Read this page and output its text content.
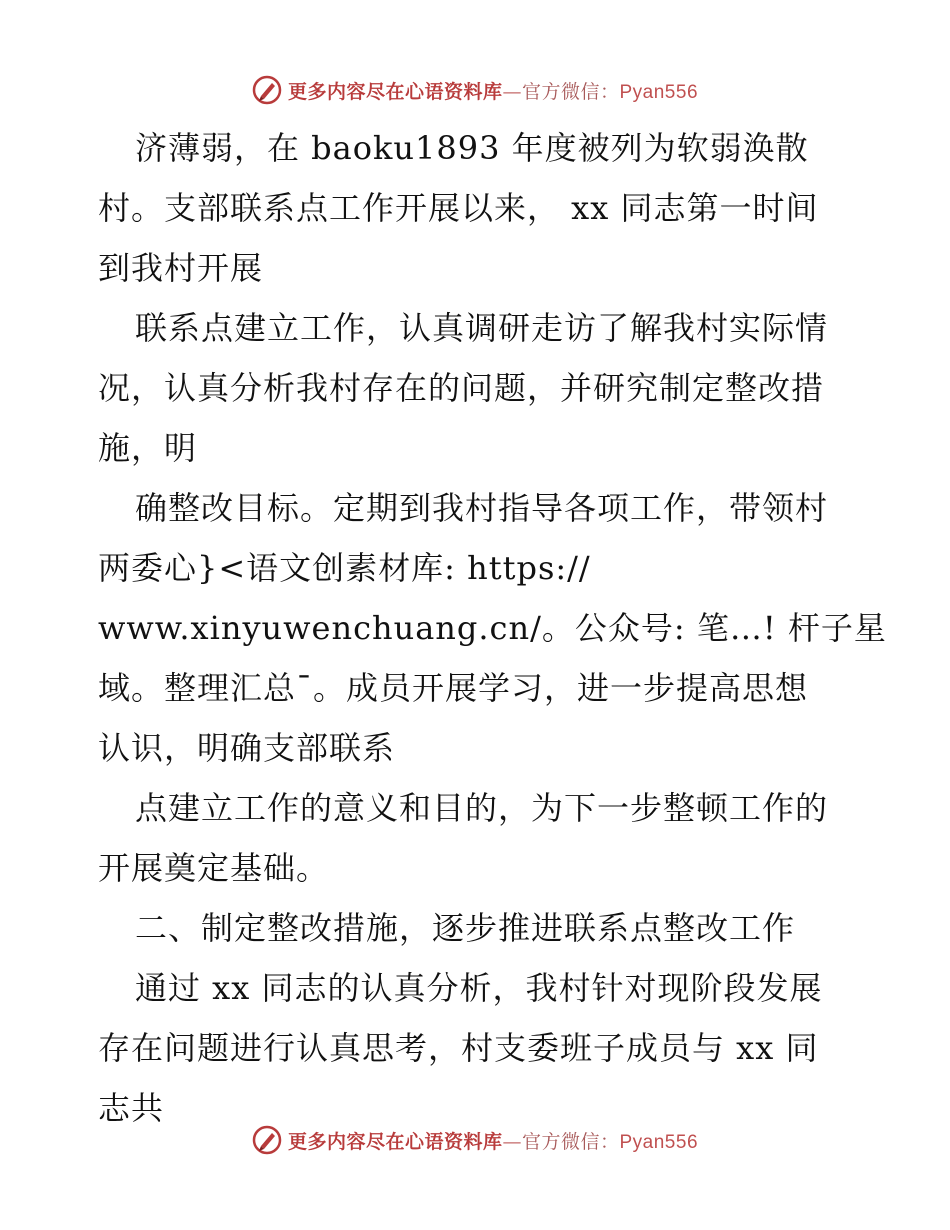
更多内容尽在心语资料库—官方微信：Pyan556
济薄弱，在 baoku1893 年度被列为软弱涣散
村。支部联系点工作开展以来， xx 同志第一时间
到我村开展
联系点建立工作，认真调研走访了解我村实际情
况，认真分析我村存在的问题，并研究制定整改措
施，明
确整改目标。定期到我村指导各项工作，带领村
两委心}<语文创素材库: https://
www.xinyuwenchuang.cn/。公众号: 笔…! 杆子星
域。整理汇总¯。成员开展学习，进一步提高思想
认识，明确支部联系
点建立工作的意义和目的，为下一步整顿工作的
开展奠定基础。
二、制定整改措施，逐步推进联系点整改工作
通过 xx 同志的认真分析，我村针对现阶段发展
存在问题进行认真思考，村支委班子成员与 xx 同
志共
更多内容尽在心语资料库—官方微信：Pyan556
